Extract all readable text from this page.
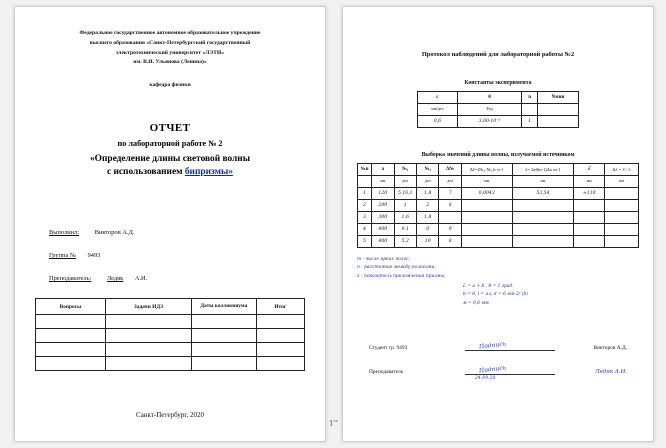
Федеральное государственное автономное образовательное учреждение
высшего образования «Санкт-Петербургский государственный
электротехнический университет «ЛЭТИ»
им. В.И. Ульянова (Ленина)»
кафедра физики
ОТЧЕТ
по лабораторной работе № 2
«Определение длины световой волны
с использованием бипризмы»
Выполнил: Викторов А.Д.
Группа № 9493
Преподаватель: Ледяк А.И.
Вопросы	Задачи ИДЗ	Даты коллоквиума	Итог

Санкт-Петербург, 2020
Протокол наблюдений для лабораторной работы №2
Константы эксперимента
c	θ	n	Nмин
мм/дел	Рад		
0,6	3,00·10⁻³	1	
Выборка значений длины волны, излучаемой источником
№п	а	№₁	№₂	Δ№	Δℓ=(№₂-№₁)c n-1	λ= 2aθ(n-1)Δx m-1	λ̄	Δλ = λ̄ - λ
	мм	дел	дел	дел	мм	нм	нм	нм
1	120	5,16,1	1,8	7	0,0043	53,54	≈110	
2	200	1	2	8				
3	300	1,6	1,8					
4	400	9,1	0	9				
5	400	5,2	10	8				
m - число ярких полос,
n - расстояние между полосами,
λ - показатель преломления призмы,
L = a + b , θ = 1 град.
b = θ, l = aл, d = 6 мм·2/ (b)
м = 0,6 мм
Студент гр. 9493	Подпись	Викторов А.Д.
Преподаватель	Подпись
24.09.20
Ледяк А.И.
$1^{ст}$
